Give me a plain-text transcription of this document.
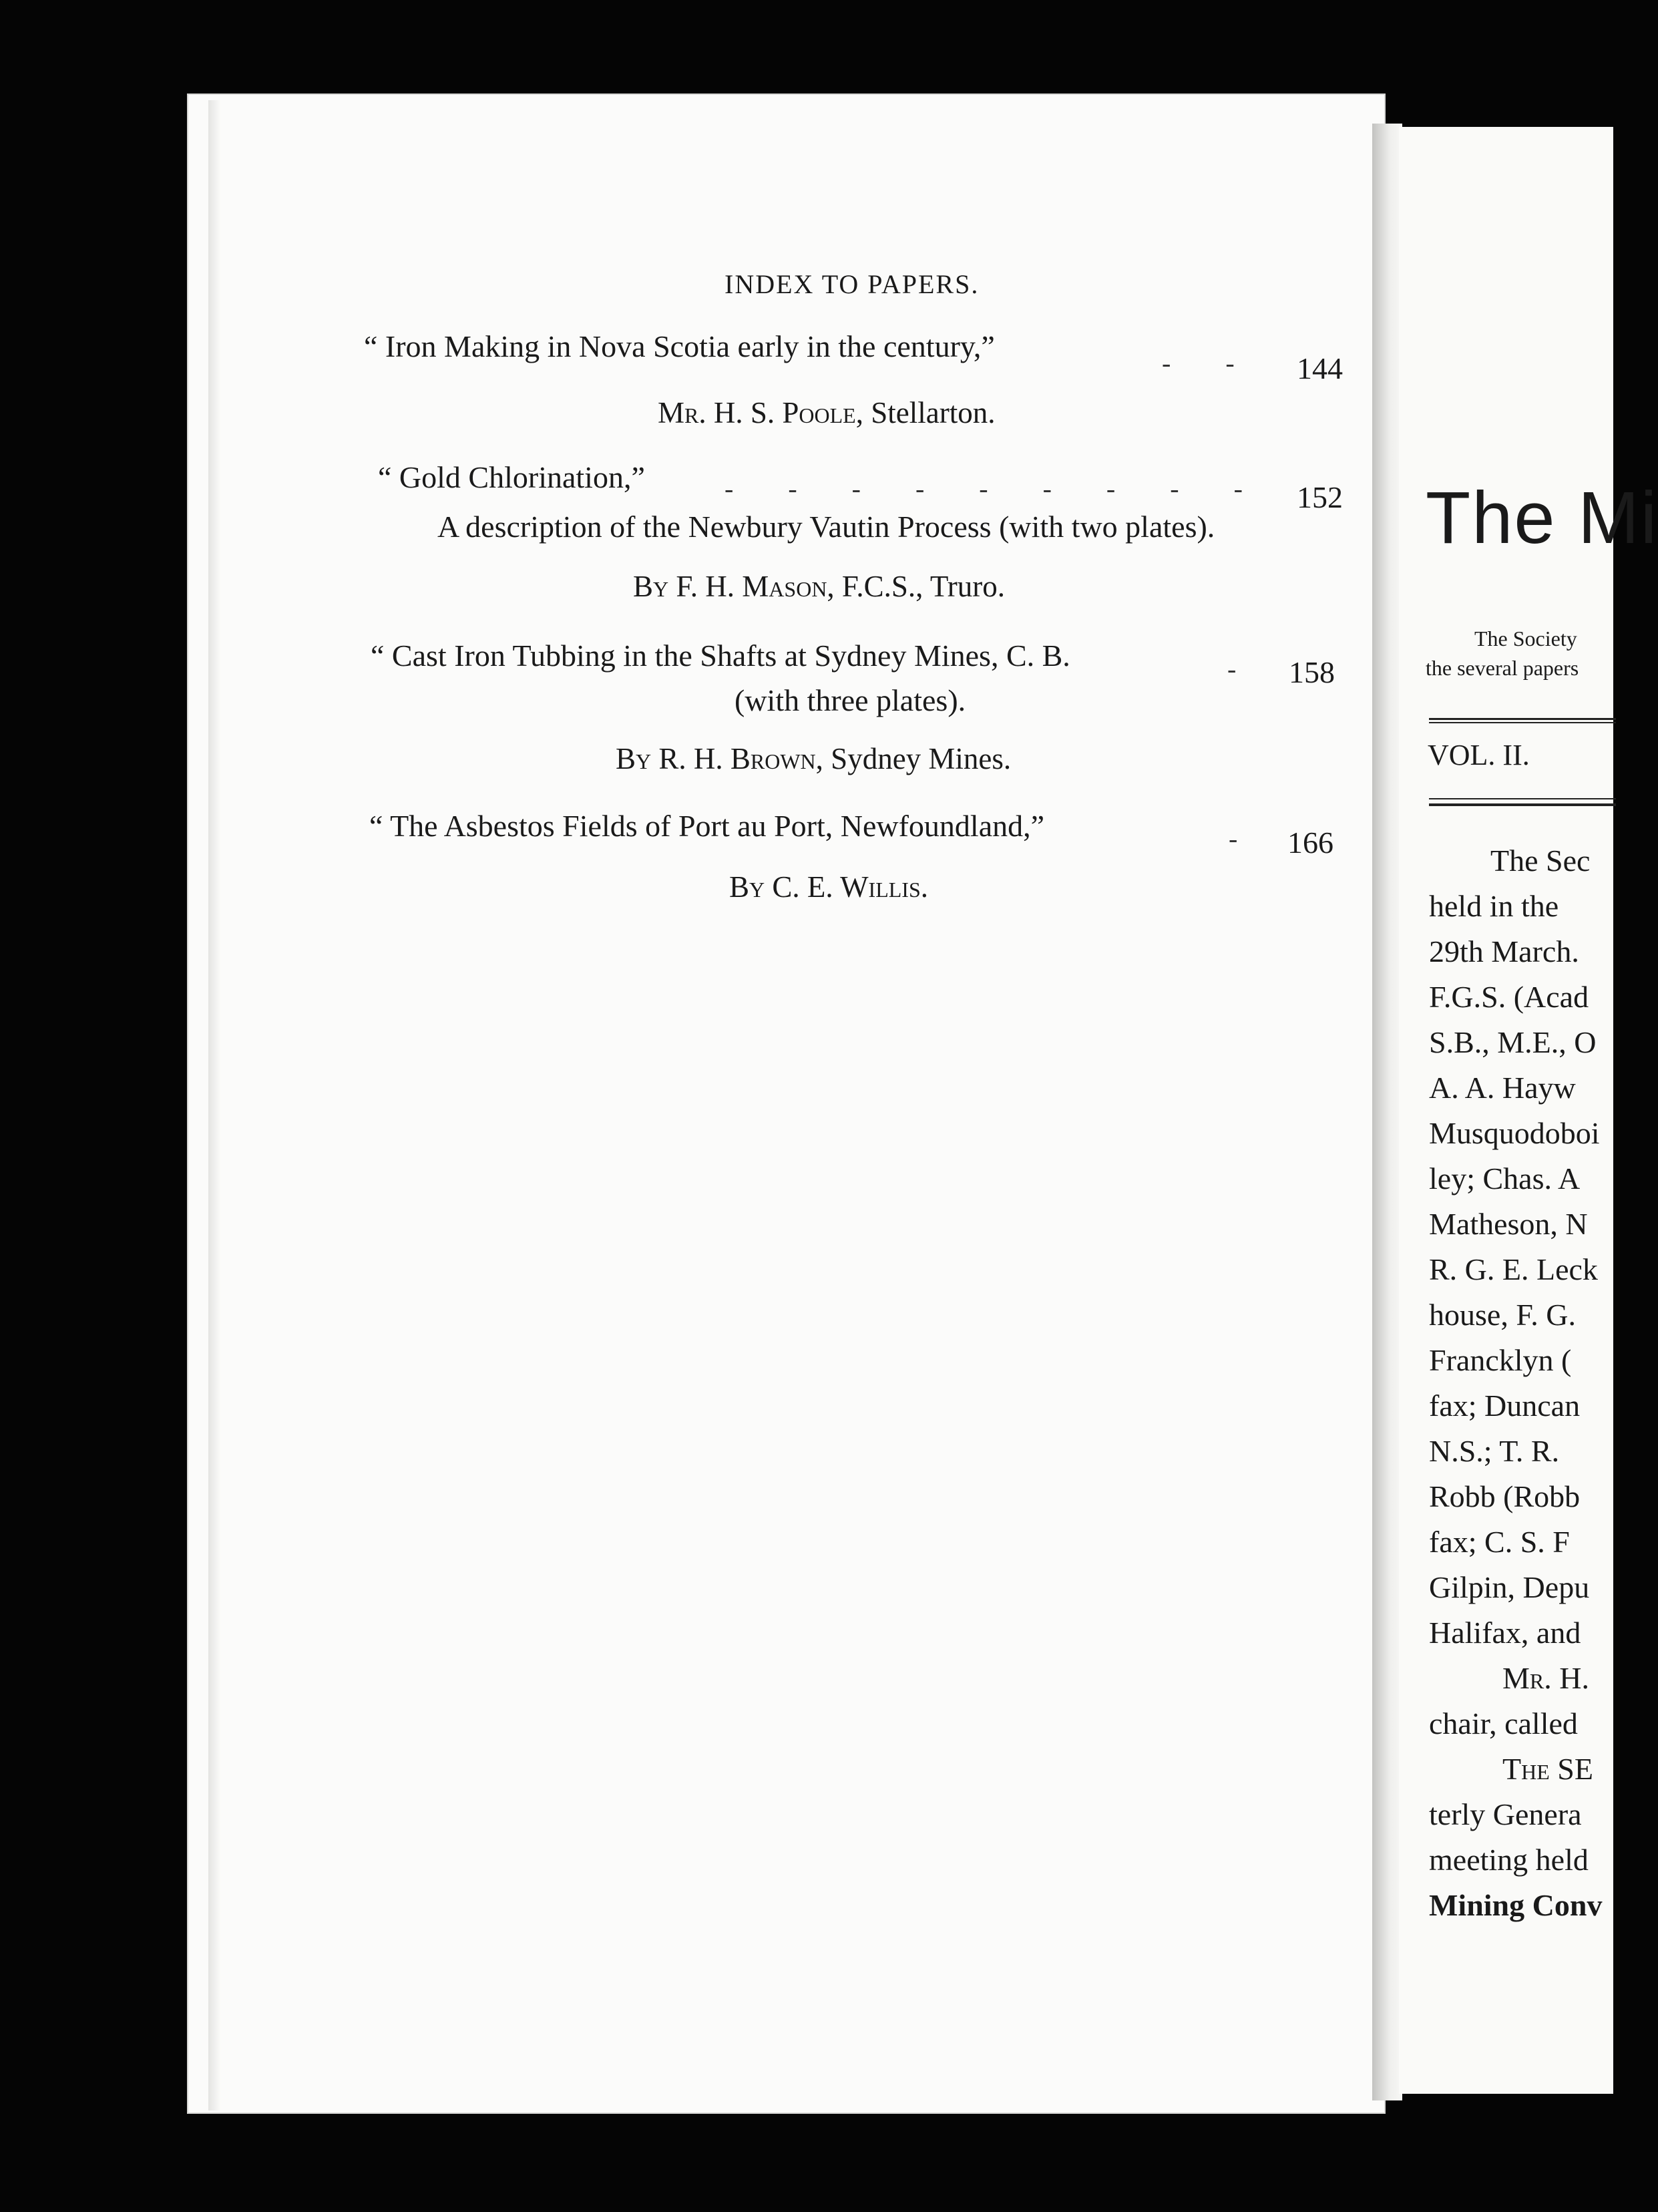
INDEX TO PAPERS.
“ Iron Making in Nova Scotia early in the century,”	- - 144
Mr. H. S. Poole, Stellarton.
“ Gold Chlorination,”	- - - - - - - - - 152
A description of the Newbury Vautin Process (with two plates).
By F. H. Mason, F.C.S., Truro.
“ Cast Iron Tubbing in the Shafts at Sydney Mines, C. B.	- 158
(with three plates).
By R. H. Brown, Sydney Mines.
“ The Asbestos Fields of Port au Port, Newfoundland,”	- 166
By C. E. Willis.
The Mi
The Society
the several papers
VOL. II.
The Sec
held in the
29th March.
F.G.S. (Acad
S.B., M.E., O
A. A. Hayw
Musquodoboi
ley; Chas. A
Matheson, N
R. G. E. Leck
house, F. G.
Francklyn (
fax; Duncan
N.S.; T. R.
Robb (Robb
fax; C. S. F
Gilpin, Depu
Halifax, and
Mr. H.
chair, called
The SE
terly Genera
meeting held
Mining Conv
